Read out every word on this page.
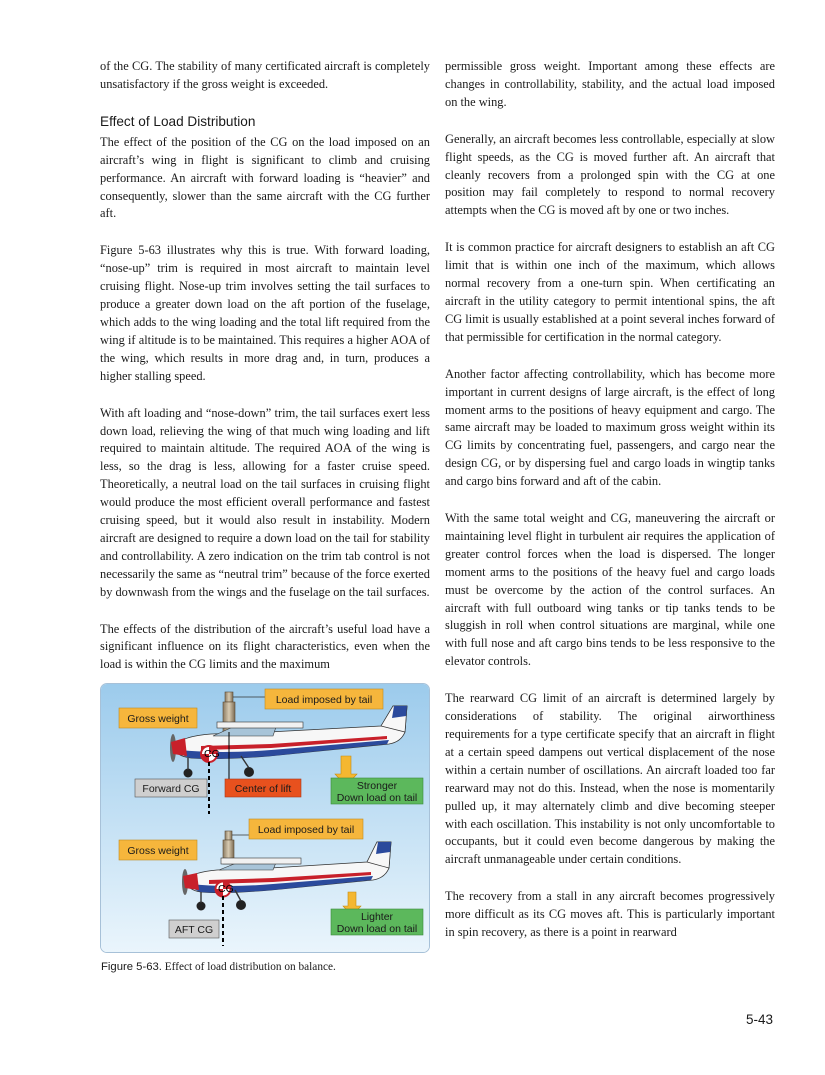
of the CG. The stability of many certificated aircraft is completely unsatisfactory if the gross weight is exceeded.

Effect of Load Distribution

The effect of the position of the CG on the load imposed on an aircraft’s wing in flight is significant to climb and cruising performance. An aircraft with forward loading is “heavier” and consequently, slower than the same aircraft with the CG further aft.

Figure 5-63 illustrates why this is true. With forward loading, “nose-up” trim is required in most aircraft to maintain level cruising flight. Nose-up trim involves setting the tail surfaces to produce a greater down load on the aft portion of the fuselage, which adds to the wing loading and the total lift required from the wing if altitude is to be maintained. This requires a higher AOA of the wing, which results in more drag and, in turn, produces a higher stalling speed.

With aft loading and “nose-down” trim, the tail surfaces exert less down load, relieving the wing of that much wing loading and lift required to maintain altitude. The required AOA of the wing is less, so the drag is less, allowing for a faster cruise speed. Theoretically, a neutral load on the tail surfaces in cruising flight would produce the most efficient overall performance and fastest cruising speed, but it would also result in instability. Modern aircraft are designed to require a down load on the tail for stability and controllability. A zero indication on the trim tab control is not necessarily the same as “neutral trim” because of the force exerted by downwash from the wings and the fuselage on the tail surfaces.

The effects of the distribution of the aircraft’s useful load have a significant influence on its flight characteristics, even when the load is within the CG limits and the maximum

permissible gross weight. Important among these effects are changes in controllability, stability, and the actual load imposed on the wing.

Generally, an aircraft becomes less controllable, especially at slow flight speeds, as the CG is moved further aft. An aircraft that cleanly recovers from a prolonged spin with the CG at one position may fail completely to respond to normal recovery attempts when the CG is moved aft by one or two inches.

It is common practice for aircraft designers to establish an aft CG limit that is within one inch of the maximum, which allows normal recovery from a one-turn spin. When certificating an aircraft in the utility category to permit intentional spins, the aft CG limit is usually established at a point several inches forward of that permissible for certification in the normal category.

Another factor affecting controllability, which has become more important in current designs of large aircraft, is the effect of long moment arms to the positions of heavy equipment and cargo. The same aircraft may be loaded to maximum gross weight within its CG limits by concentrating fuel, passengers, and cargo near the design CG, or by dispersing fuel and cargo loads in wingtip tanks and cargo bins forward and aft of the cabin.

With the same total weight and CG, maneuvering the aircraft or maintaining level flight in turbulent air requires the application of greater control forces when the load is dispersed. The longer moment arms to the positions of the heavy fuel and cargo loads must be overcome by the action of the control surfaces. An aircraft with full outboard wing tanks or tip tanks tends to be sluggish in roll when control situations are marginal, while one with full nose and aft cargo bins tends to be less responsive to the elevator controls.

The rearward CG limit of an aircraft is determined largely by considerations of stability. The original airworthiness requirements for a type certificate specify that an aircraft in flight at a certain speed dampens out vertical displacement of the nose within a certain number of oscillations. An aircraft loaded too far rearward may not do this. Instead, when the nose is momentarily pulled up, it may alternately climb and dive becoming steeper with each oscillation. This instability is not only uncomfortable to occupants, but it could even become dangerous by making the aircraft unmanageable under certain conditions.

The recovery from a stall in any aircraft becomes progressively more difficult as its CG moves aft. This is particularly important in spin recovery, as there is a point in rearward

CG
Load imposed by tail
Gross weight
Forward CG	Center of lift	Stronger
Down load on tail
CG
Load imposed by tail
Gross weight
AFT CG
Lighter
Down load on tail
Figure 5-63. Effect of load distribution on balance.
5-43
